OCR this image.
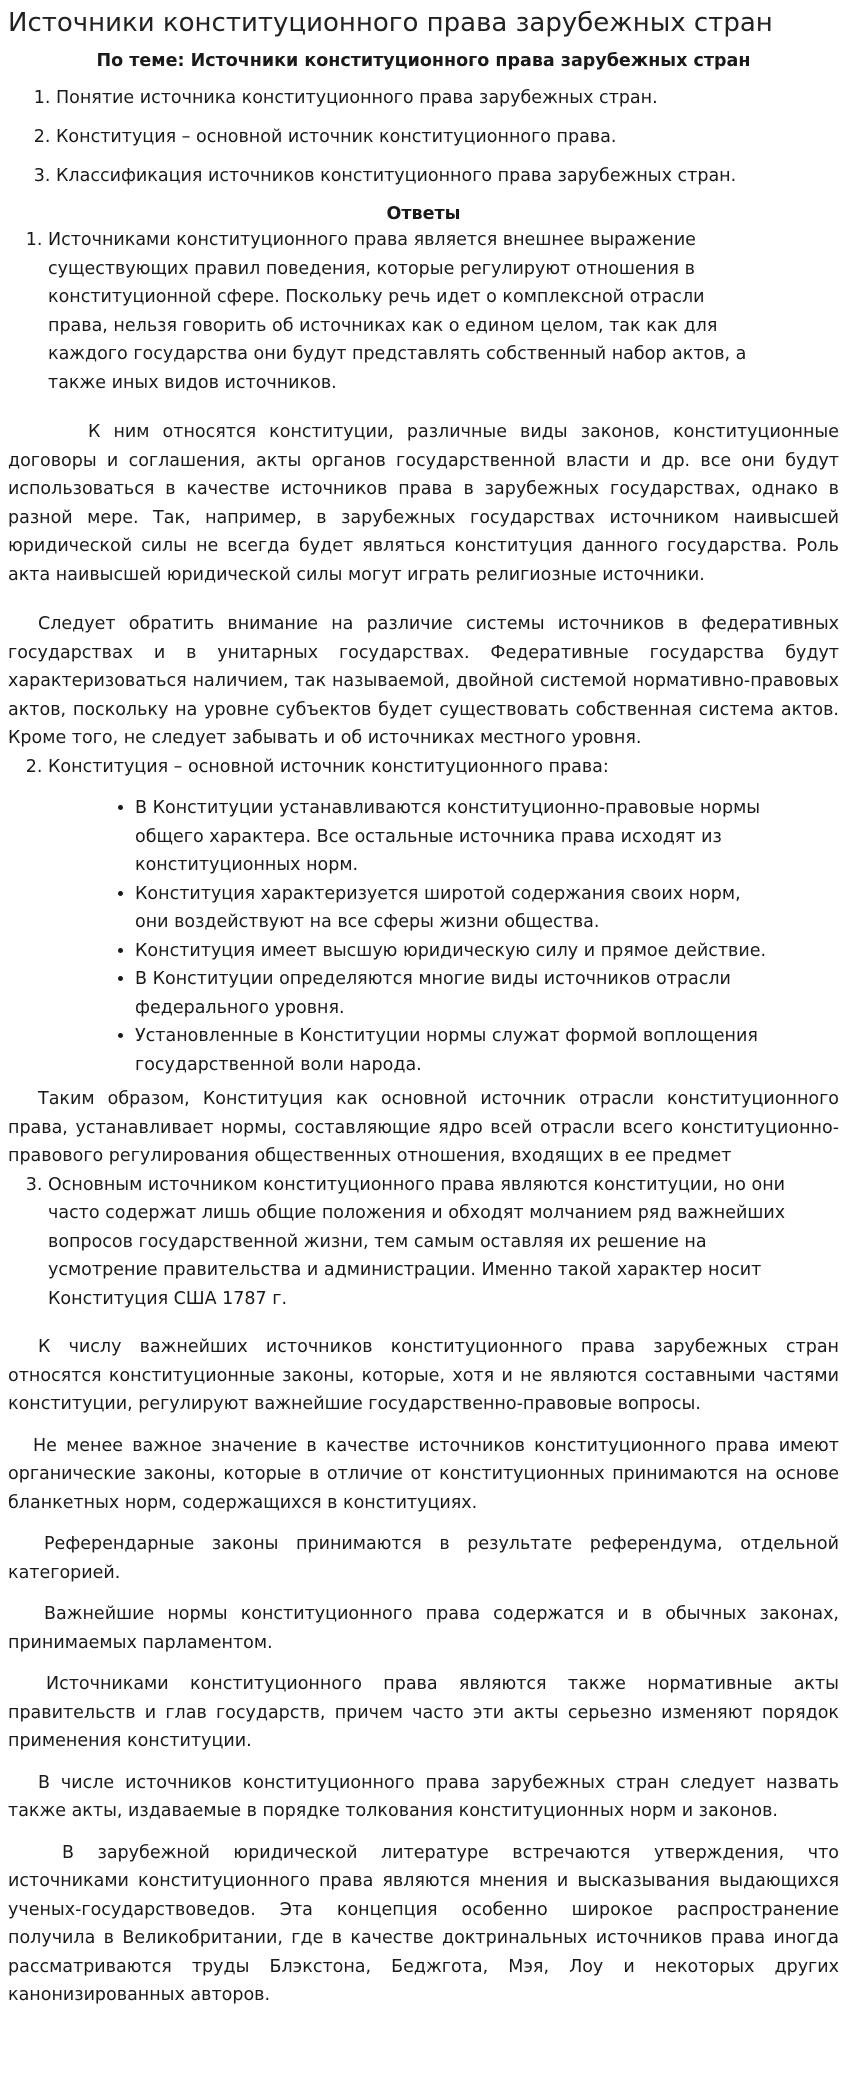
Источники конституционного права зарубежных стран

По теме: Источники конституционного права зарубежных стран

1. Понятие источника конституционного права зарубежных стран.
2. Конституция – основной источник конституционного права.
3. Классификация источников конституционного права зарубежных стран.

Ответы

1. Источниками конституционного права является внешнее выражение существующих правил поведения, которые регулируют отношения в конституционной сфере. Поскольку речь идет о комплексной отрасли права, нельзя говорить об источниках как о едином целом, так как для каждого государства они будут представлять собственный набор актов, а также иных видов источников.

К ним относятся конституции, различные виды законов, конституционные договоры и соглашения, акты органов государственной власти и др. все они будут использоваться в качестве источников права в зарубежных государствах, однако в разной мере. Так, например, в зарубежных государствах источником наивысшей юридической силы не всегда будет являться конституция данного государства. Роль акта наивысшей юридической силы могут играть религиозные источники.

Следует обратить внимание на различие системы источников в федеративных государствах и в унитарных государствах. Федеративные государства будут характеризоваться наличием, так называемой, двойной системой нормативно-правовых актов, поскольку на уровне субъектов будет существовать собственная система актов. Кроме того, не следует забывать и об источниках местного уровня.

2. Конституция – основной источник конституционного права:
• В Конституции устанавливаются конституционно-правовые нормы общего характера. Все остальные источника права исходят из конституционных норм.
• Конституция характеризуется широтой содержания своих норм, они воздействуют на все сферы жизни общества.
• Конституция имеет высшую юридическую силу и прямое действие.
• В Конституции определяются многие виды источников отрасли федерального уровня.
• Установленные в Конституции нормы служат формой воплощения государственной воли народа.

Таким образом, Конституция как основной источник отрасли конституционного права, устанавливает нормы, составляющие ядро всей отрасли всего конституционно-правового регулирования общественных отношения, входящих в ее предмет

3. Основным источником конституционного права являются конституции, но они часто содержат лишь общие положения и обходят молчанием ряд важнейших вопросов государственной жизни, тем самым оставляя их решение на усмотрение правительства и администрации. Именно такой характер носит Конституция США 1787 г.

К числу важнейших источников конституционного права зарубежных стран относятся конституционные законы, которые, хотя и не являются составными частями конституции, регулируют важнейшие государственно-правовые вопросы.

Не менее важное значение в качестве источников конституционного права имеют органические законы, которые в отличие от конституционных принимаются на основе бланкетных норм, содержащихся в конституциях.

Референдарные законы принимаются в результате референдума, отдельной категорией.

Важнейшие нормы конституционного права содержатся и в обычных законах, принимаемых парламентом.

Источниками конституционного права являются также нормативные акты правительств и глав государств, причем часто эти акты серьезно изменяют порядок применения конституции.

В числе источников конституционного права зарубежных стран следует назвать также акты, издаваемые в порядке толкования конституционных норм и законов.

В зарубежной юридической литературе встречаются утверждения, что источниками конституционного права являются мнения и высказывания выдающихся ученых-государствоведов. Эта концепция особенно широкое распространение получила в Великобритании, где в качестве доктринальных источников права иногда рассматриваются труды Блэкстона, Беджгота, Мэя, Лоу и некоторых других канонизированных авторов.
